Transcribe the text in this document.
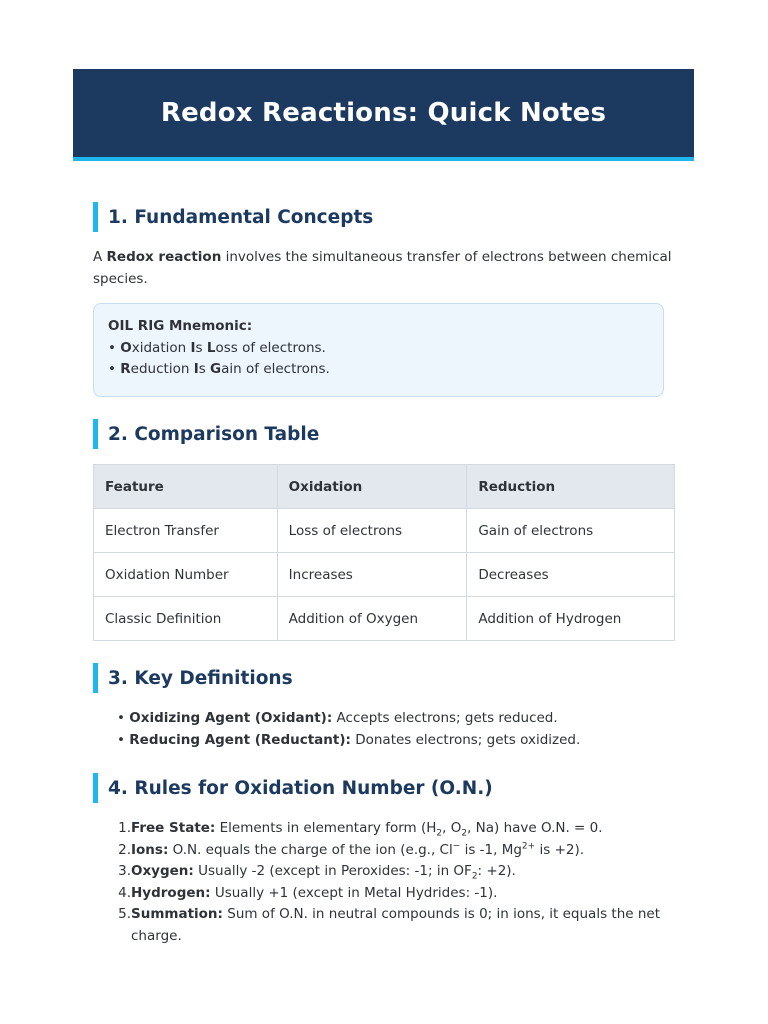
Redox Reactions: Quick Notes
1. Fundamental Concepts

A Redox reaction involves the simultaneous transfer of electrons between chemical species.

OIL RIG Mnemonic:
• Oxidation Is Loss of electrons.
• Reduction Is Gain of electrons.
2. Comparison Table
Feature	Oxidation	Reduction
Electron Transfer	Loss of electrons	Gain of electrons
Oxidation Number	Increases	Decreases
Classic Definition	Addition of Oxygen	Addition of Hydrogen
3. Key Definitions
• Oxidizing Agent (Oxidant): Accepts electrons; gets reduced.
• Reducing Agent (Reductant): Donates electrons; gets oxidized.
4. Rules for Oxidation Number (O.N.)
1. Free State: Elements in elementary form ($H_2$, $O_2$, Na) have O.N. = 0.
2. Ions: O.N. equals the charge of the ion (e.g., Cl− is -1, $Mg^{2+}$ is +2).
3. Oxygen: Usually -2 (except in Peroxides: -1; in $OF_2$: +2).
4. Hydrogen: Usually +1 (except in Metal Hydrides: -1).
5. Summation: Sum of O.N. in neutral compounds is 0; in ions, it equals the net charge.
